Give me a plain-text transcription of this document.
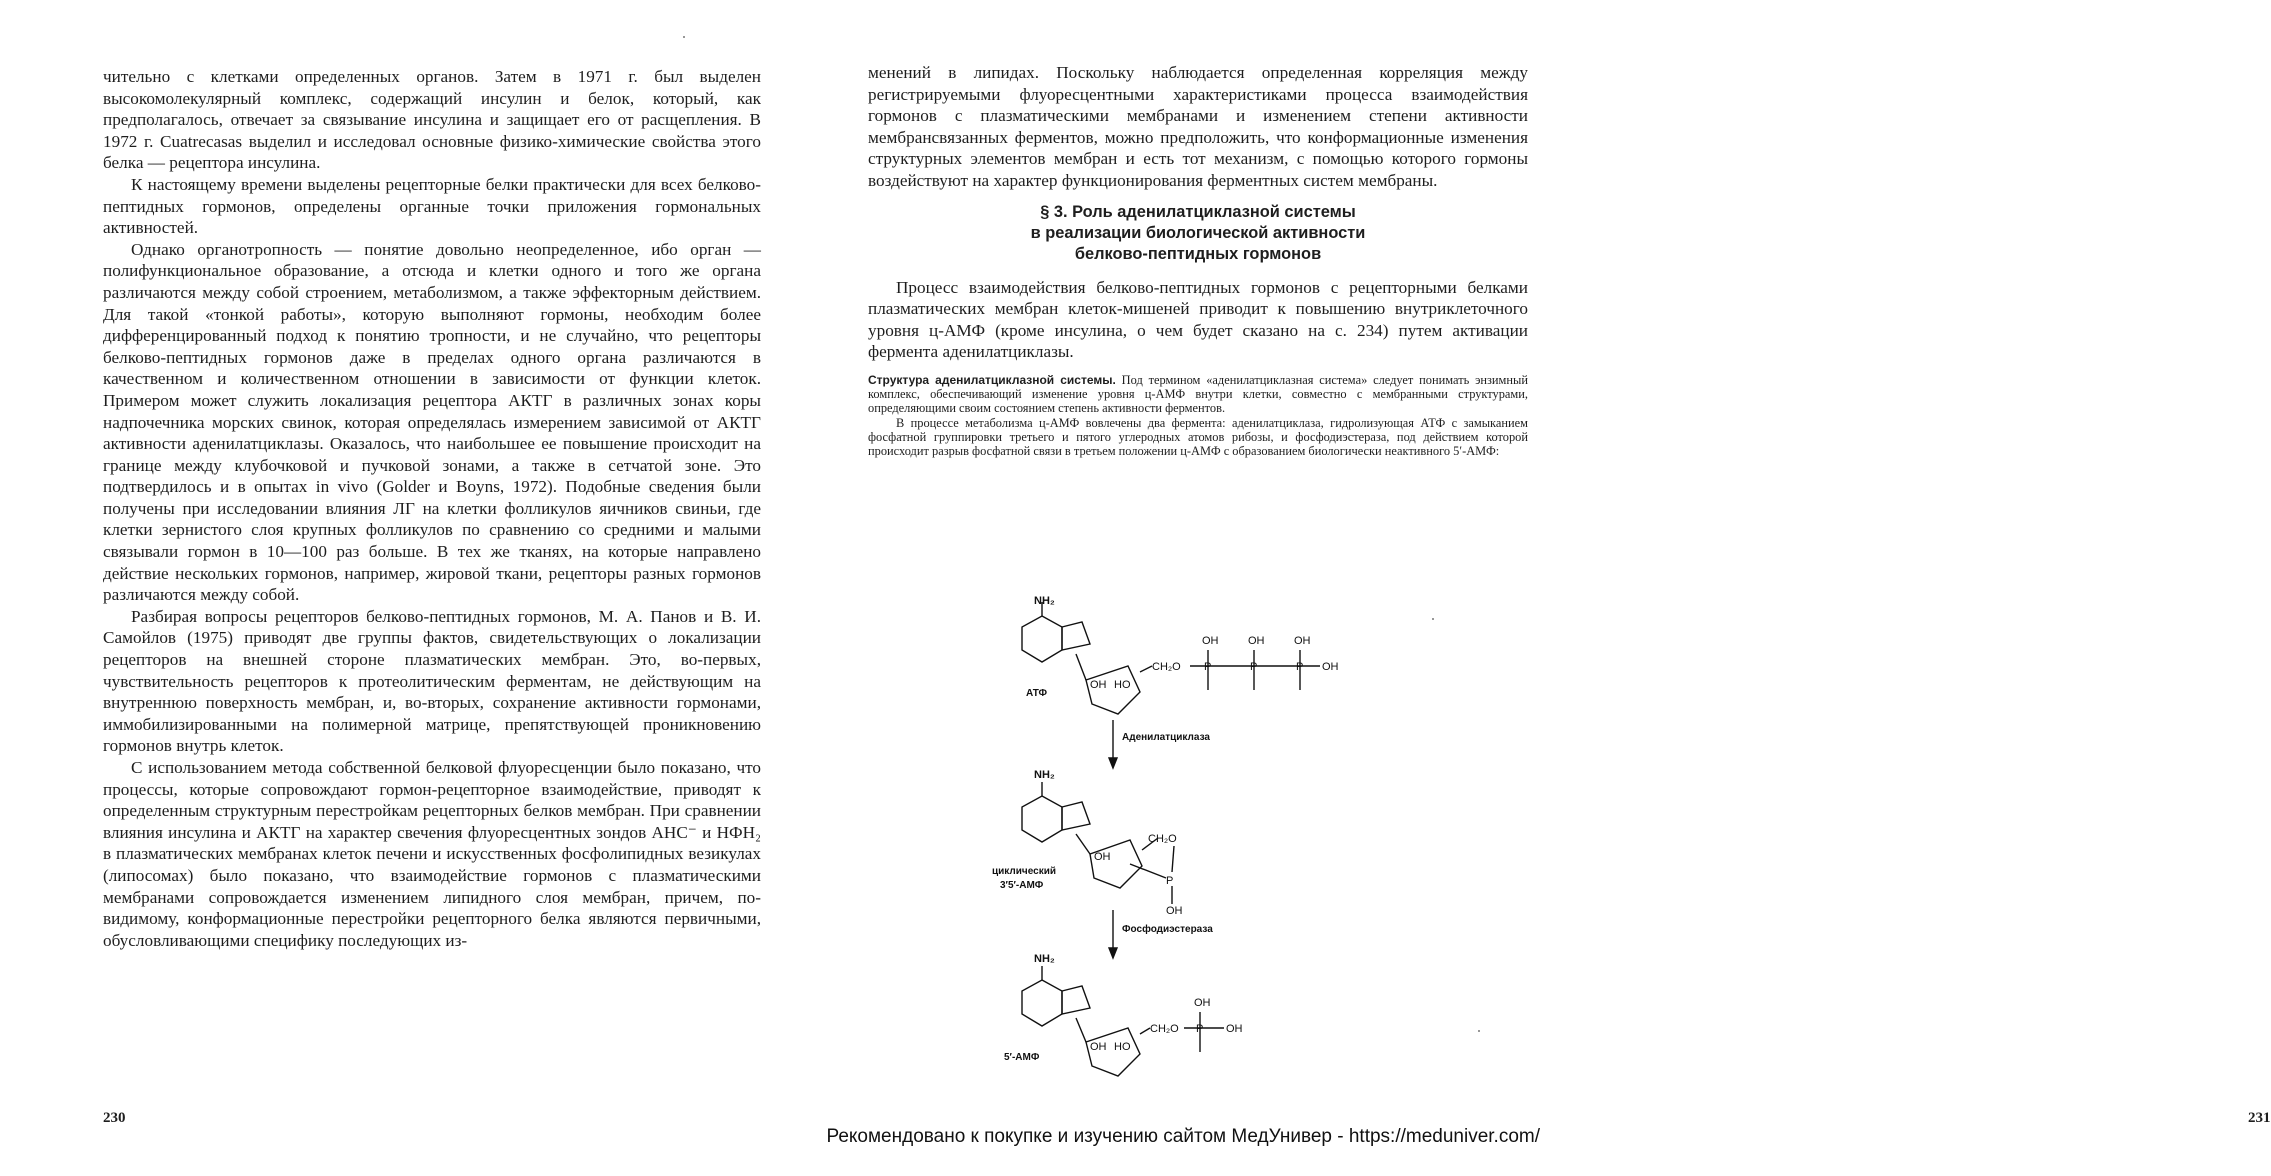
чительно с клетками определенных органов. Затем в 1971 г. был выделен высокомолекулярный комплекс, содержащий инсулин и белок, который, как предполагалось, отвечает за связывание инсулина и защищает его от расщепления. В 1972 г. Cuatrecasas выделил и исследовал основные физико-химические свойства этого белка — рецептора инсулина.

К настоящему времени выделены рецепторные белки практически для всех белково-пептидных гормонов, определены органные точки приложения гормональных активностей.

Однако органотропность — понятие довольно неопределенное, ибо орган — полифункциональное образование, а отсюда и клетки одного и того же органа различаются между собой строением, метаболизмом, а также эффекторным действием. Для такой «тонкой работы», которую выполняют гормоны, необходим более дифференцированный подход к понятию тропности, и не случайно, что рецепторы белково-пептидных гормонов даже в пределах одного органа различаются в качественном и количественном отношении в зависимости от функции клеток. Примером может служить локализация рецептора АКТГ в различных зонах коры надпочечника морских свинок, которая определялась измерением зависимой от АКТГ активности аденилатциклазы. Оказалось, что наибольшее ее повышение происходит на границе между клубочковой и пучковой зонами, а также в сетчатой зоне. Это подтвердилось и в опытах in vivo (Golder и Boyns, 1972). Подобные сведения были получены при исследовании влияния ЛГ на клетки фолликулов яичников свиньи, где клетки зернистого слоя крупных фолликулов по сравнению со средними и малыми связывали гормон в 10—100 раз больше. В тех же тканях, на которые направлено действие нескольких гормонов, например, жировой ткани, рецепторы разных гормонов различаются между собой.

Разбирая вопросы рецепторов белково-пептидных гормонов, М. А. Панов и В. И. Самойлов (1975) приводят две группы фактов, свидетельствующих о локализации рецепторов на внешней стороне плазматических мембран. Это, во-первых, чувствительность рецепторов к протеолитическим ферментам, не действующим на внутреннюю поверхность мембран, и, во-вторых, сохранение активности гормонами, иммобилизированными на полимерной матрице, препятствующей проникновению гормонов внутрь клеток.

С использованием метода собственной белковой флуоресценции было показано, что процессы, которые сопровождают гормон-рецепторное взаимодействие, приводят к определенным структурным перестройкам рецепторных белков мембран. При сравнении влияния инсулина и АКТГ на характер свечения флуоресцентных зондов АНС⁻ и НФН₂ в плазматических мембранах клеток печени и искусственных фосфолипидных везикулах (липосомах) было показано, что взаимодействие гормонов с плазматическими мембранами сопровождается изменением липидного слоя мембран, причем, по-видимому, конформационные перестройки рецепторного белка являются первичными, обусловливающими специфику последующих из-

230

менений в липидах. Поскольку наблюдается определенная корреляция между регистрируемыми флуоресцентными характеристиками процесса взаимодействия гормонов с плазматическими мембранами и изменением степени активности мембрансвязанных ферментов, можно предположить, что конформационные изменения структурных элементов мембран и есть тот механизм, с помощью которого гормоны воздействуют на характер функционирования ферментных систем мембраны.

§ 3. Роль аденилатциклазной системы
в реализации биологической активности
белково-пептидных гормонов

Процесс взаимодействия белково-пептидных гормонов с рецепторными белками плазматических мембран клеток-мишеней приводит к повышению внутриклеточного уровня ц-АМФ (кроме инсулина, о чем будет сказано на с. 234) путем активации фермента аденилатциклазы.

Структура аденилатциклазной системы. Под термином «аденилатциклазная система» следует понимать энзимный комплекс, обеспечивающий изменение уровня ц-АМФ внутри клетки, совместно с мембранными структурами, определяющими своим состоянием степень активности ферментов.

В процессе метаболизма ц-АМФ вовлечены два фермента: аденилатциклаза, гидролизующая АТФ с замыканием фосфатной группировки третьего и пятого углеродных атомов рибозы, и фосфодиэстераза, под действием которой происходит разрыв фосфатной связи в третьем положении ц-АМФ с образованием биологически неактивного 5′-АМФ:

231
NH₂
OH HO
CH₂O
OH	OH	OH
OH
P	P	P
АТФ
Аденилатциклаза
NH₂
OH
CH₂O
P
OH
циклический
3′5′-АМФ
Фосфодиэстераза
NH₂
OH HO
CH₂O P
OH
OH
5′-АМФ
Рекомендовано к покупке и изучению сайтом МедУнивер - https://meduniver.com/
